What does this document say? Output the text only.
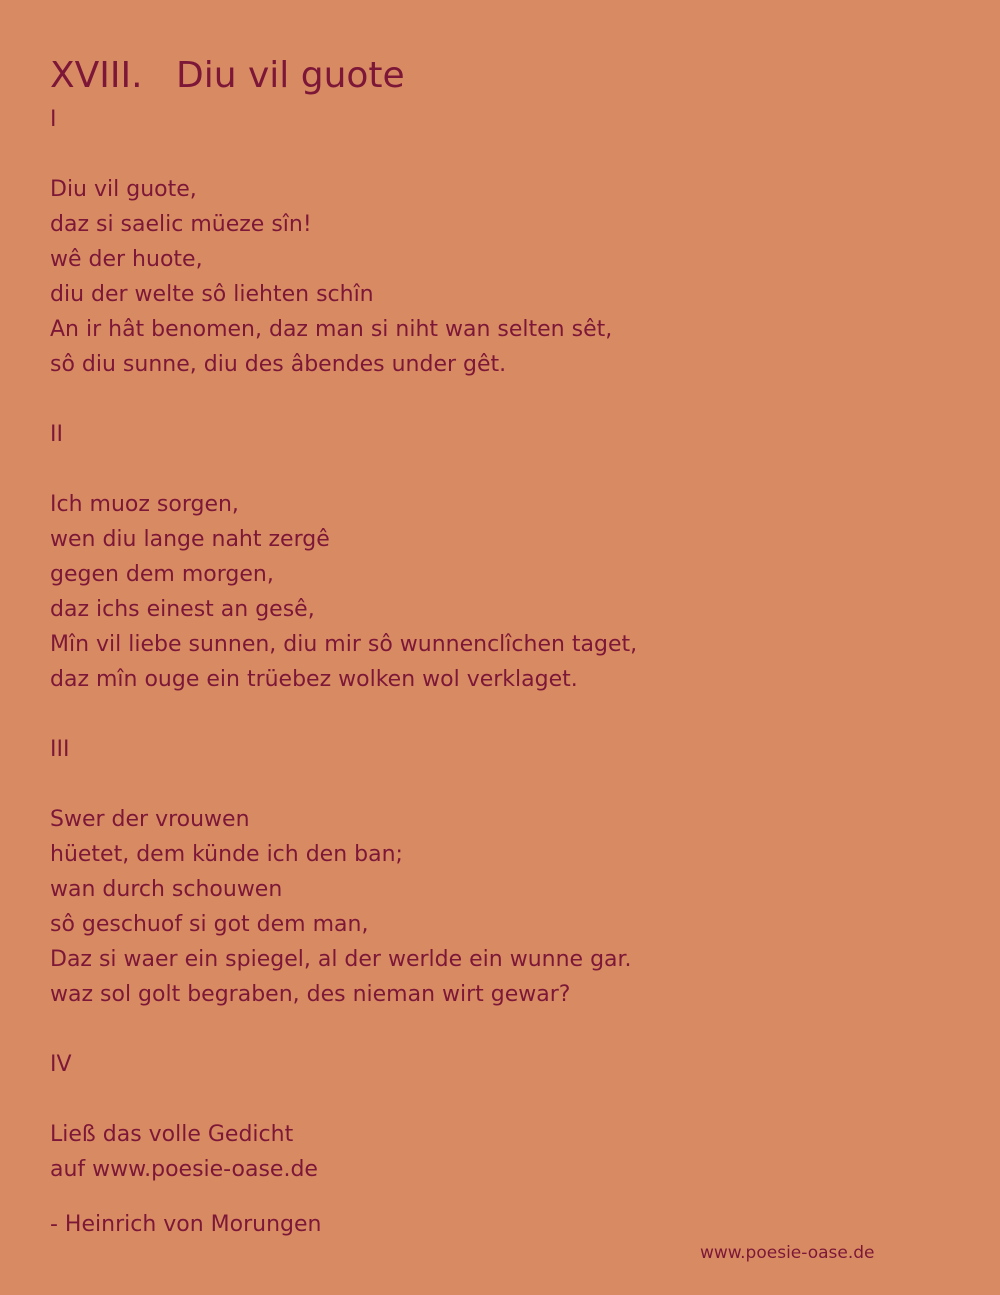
XVIII. Diu vil guote
I
Diu vil guote,
daz si saelic müeze sîn!
wê der huote,
diu der welte sô liehten schîn
An ir hât benomen, daz man si niht wan selten sêt,
sô diu sunne, diu des âbendes under gêt.
II
Ich muoz sorgen,
wen diu lange naht zergê
gegen dem morgen,
daz ichs einest an gesê,
Mîn vil liebe sunnen, diu mir sô wunnenclîchen taget,
daz mîn ouge ein trüebez wolken wol verklaget.
III
Swer der vrouwen
hüetet, dem künde ich den ban;
wan durch schouwen
sô geschuof si got dem man,
Daz si waer ein spiegel, al der werlde ein wunne gar.
waz sol golt begraben, des nieman wirt gewar?
IV
Ließ das volle Gedicht
auf www.poesie-oase.de
- Heinrich von Morungen
www.poesie-oase.de
